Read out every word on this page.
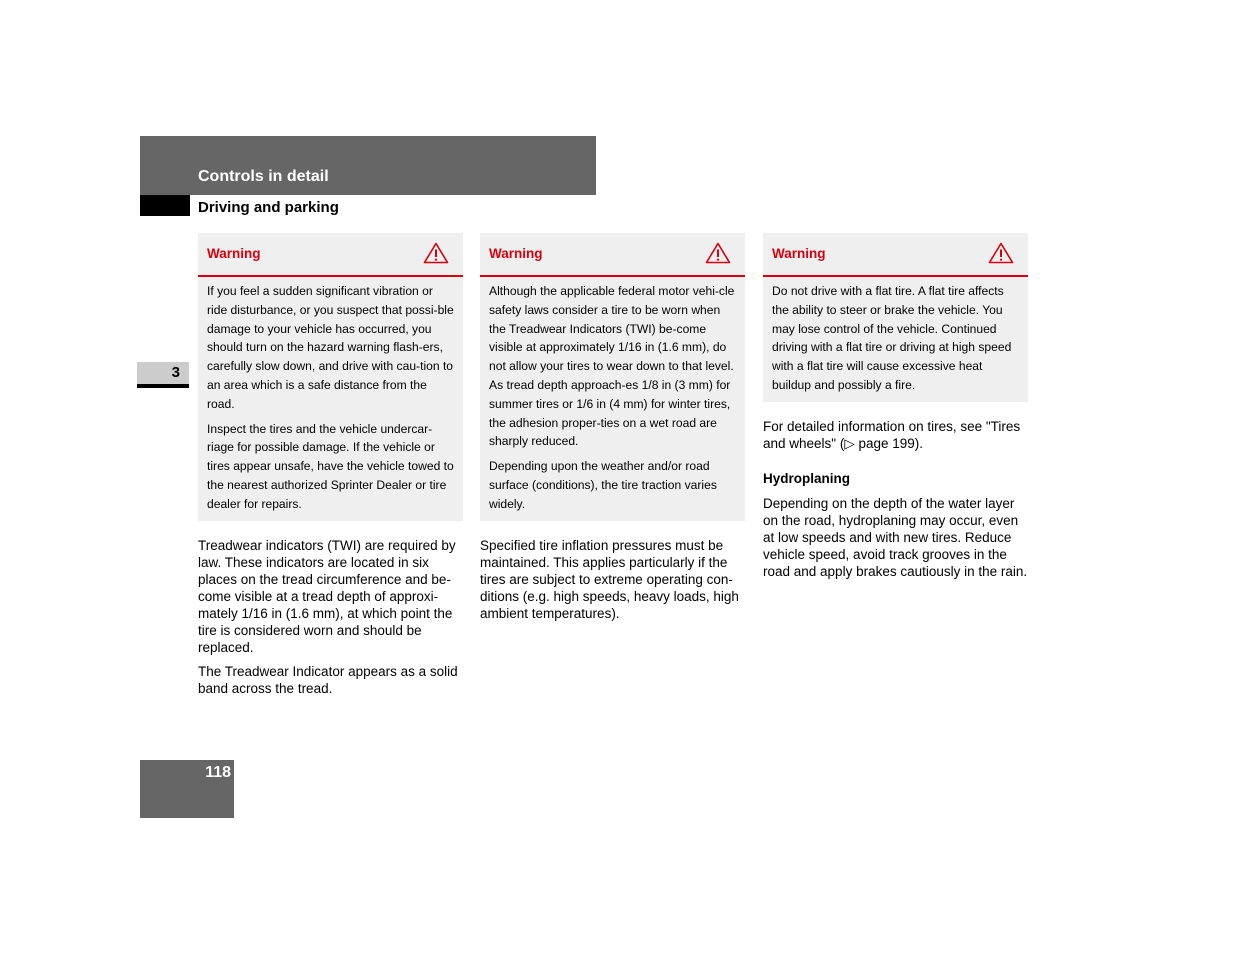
Controls in detail
Driving and parking
3
118
Warning

If you feel a sudden significant vibration or ride disturbance, or you suspect that possi-ble damage to your vehicle has occurred, you should turn on the hazard warning flash-ers, carefully slow down, and drive with cau-tion to an area which is a safe distance from the road.

Inspect the tires and the vehicle undercar-riage for possible damage. If the vehicle or tires appear unsafe, have the vehicle towed to the nearest authorized Sprinter Dealer or tire dealer for repairs.

Treadwear indicators (TWI) are required by law. These indicators are located in six places on the tread circumference and be-come visible at a tread depth of approxi-mately 1/16 in (1.6 mm), at which point the tire is considered worn and should be replaced.

The Treadwear Indicator appears as a solid band across the tread.

Warning

Although the applicable federal motor vehi-cle safety laws consider a tire to be worn when the Treadwear Indicators (TWI) be-come visible at approximately 1/16 in (1.6 mm), do not allow your tires to wear down to that level. As tread depth approach-es 1/8 in (3 mm) for summer tires or 1/6 in (4 mm) for winter tires, the adhesion proper-ties on a wet road are sharply reduced.

Depending upon the weather and/or road surface (conditions), the tire traction varies widely.

Specified tire inflation pressures must be maintained. This applies particularly if the tires are subject to extreme operating con-ditions (e.g. high speeds, heavy loads, high ambient temperatures).

Warning

Do not drive with a flat tire. A flat tire affects the ability to steer or brake the vehicle. You may lose control of the vehicle. Continued driving with a flat tire or driving at high speed with a flat tire will cause excessive heat buildup and possibly a fire.

For detailed information on tires, see "Tires and wheels" (▷ page 199).

Hydroplaning

Depending on the depth of the water layer on the road, hydroplaning may occur, even at low speeds and with new tires. Reduce vehicle speed, avoid track grooves in the road and apply brakes cautiously in the rain.
